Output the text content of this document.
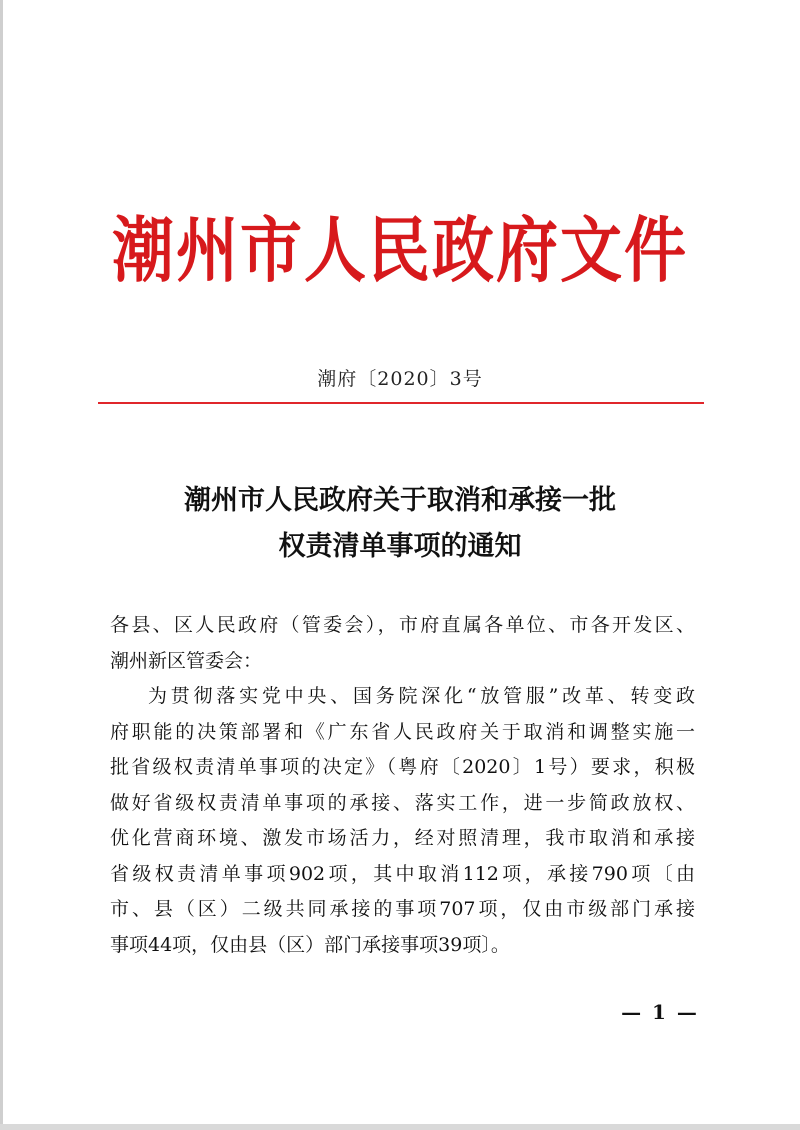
潮州市人民政府文件
潮府〔2020〕3号
潮州市人民政府关于取消和承接一批
权责清单事项的通知
各县、区人民政府（管委会），市府直属各单位、市各开发区、
潮州新区管委会：
为贯彻落实党中央、国务院深化“放管服”改革、转变政
府职能的决策部署和《广东省人民政府关于取消和调整实施一
批省级权责清单事项的决定》（粤府〔2020〕1号）要求，积极
做好省级权责清单事项的承接、落实工作，进一步简政放权、
优化营商环境、激发市场活力，经对照清理，我市取消和承接
省级权责清单事项902项，其中取消112项，承接790项〔由
市、县（区）二级共同承接的事项707项，仅由市级部门承接
事项44项，仅由县（区）部门承接事项39项〕。
— 1 —
